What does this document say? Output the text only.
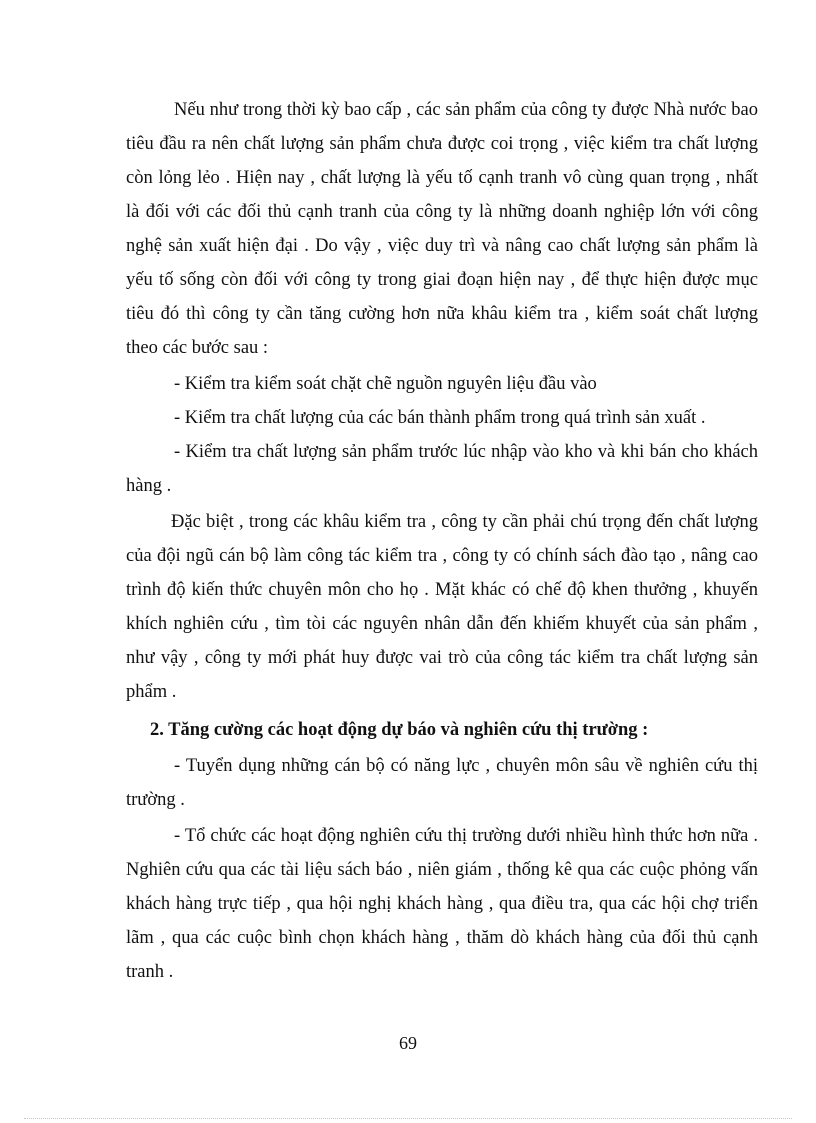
Nếu như trong thời kỳ bao cấp , các sản phẩm của công ty được Nhà nước bao
tiêu đầu ra nên chất lượng sản phẩm chưa được coi trọng , việc kiểm tra chất lượng
còn lỏng lẻo . Hiện nay , chất lượng là yếu tố cạnh tranh vô cùng quan trọng , nhất
là đối với các đối thủ cạnh tranh của công ty là những doanh nghiệp lớn với công
nghệ sản xuất hiện đại . Do vậy , việc duy trì và nâng cao chất lượng sản phẩm là
yếu tố sống còn đối với công ty trong giai đoạn hiện nay , để thực hiện được mục
tiêu đó thì công ty cần tăng cường hơn nữa khâu kiểm tra , kiểm soát chất lượng
theo các bước sau :
- Kiểm tra kiểm soát chặt chẽ nguồn nguyên liệu đầu vào
- Kiểm tra chất lượng của các bán thành phẩm trong quá trình sản xuất .
- Kiểm tra chất lượng sản phẩm trước lúc nhập vào kho và khi bán cho khách
hàng .
Đặc biệt , trong các khâu kiểm tra , công ty cần phải chú trọng đến chất lượng
của đội ngũ cán bộ làm công tác kiểm tra , công ty có chính sách đào tạo , nâng cao
trình độ kiến thức chuyên môn cho họ . Mặt khác có chế độ khen thưởng , khuyến
khích nghiên cứu , tìm tòi các nguyên nhân dẫn đến khiếm khuyết của sản phẩm ,
như vậy , công ty mới phát huy được vai trò của công tác kiểm tra chất lượng sản
phẩm .
2. Tăng cường các hoạt động dự báo và nghiên cứu thị trường :
- Tuyển dụng những cán bộ có năng lực , chuyên môn sâu về nghiên cứu thị
trường .
- Tổ chức các hoạt động nghiên cứu thị trường dưới nhiều hình thức hơn nữa .
Nghiên cứu qua các tài liệu sách báo , niên giám , thống kê qua các cuộc phỏng vấn
khách hàng trực tiếp , qua hội nghị khách hàng , qua điều tra, qua các hội chợ triển
lãm , qua các cuộc bình chọn khách hàng , thăm dò khách hàng của đối thủ cạnh
tranh .
69
